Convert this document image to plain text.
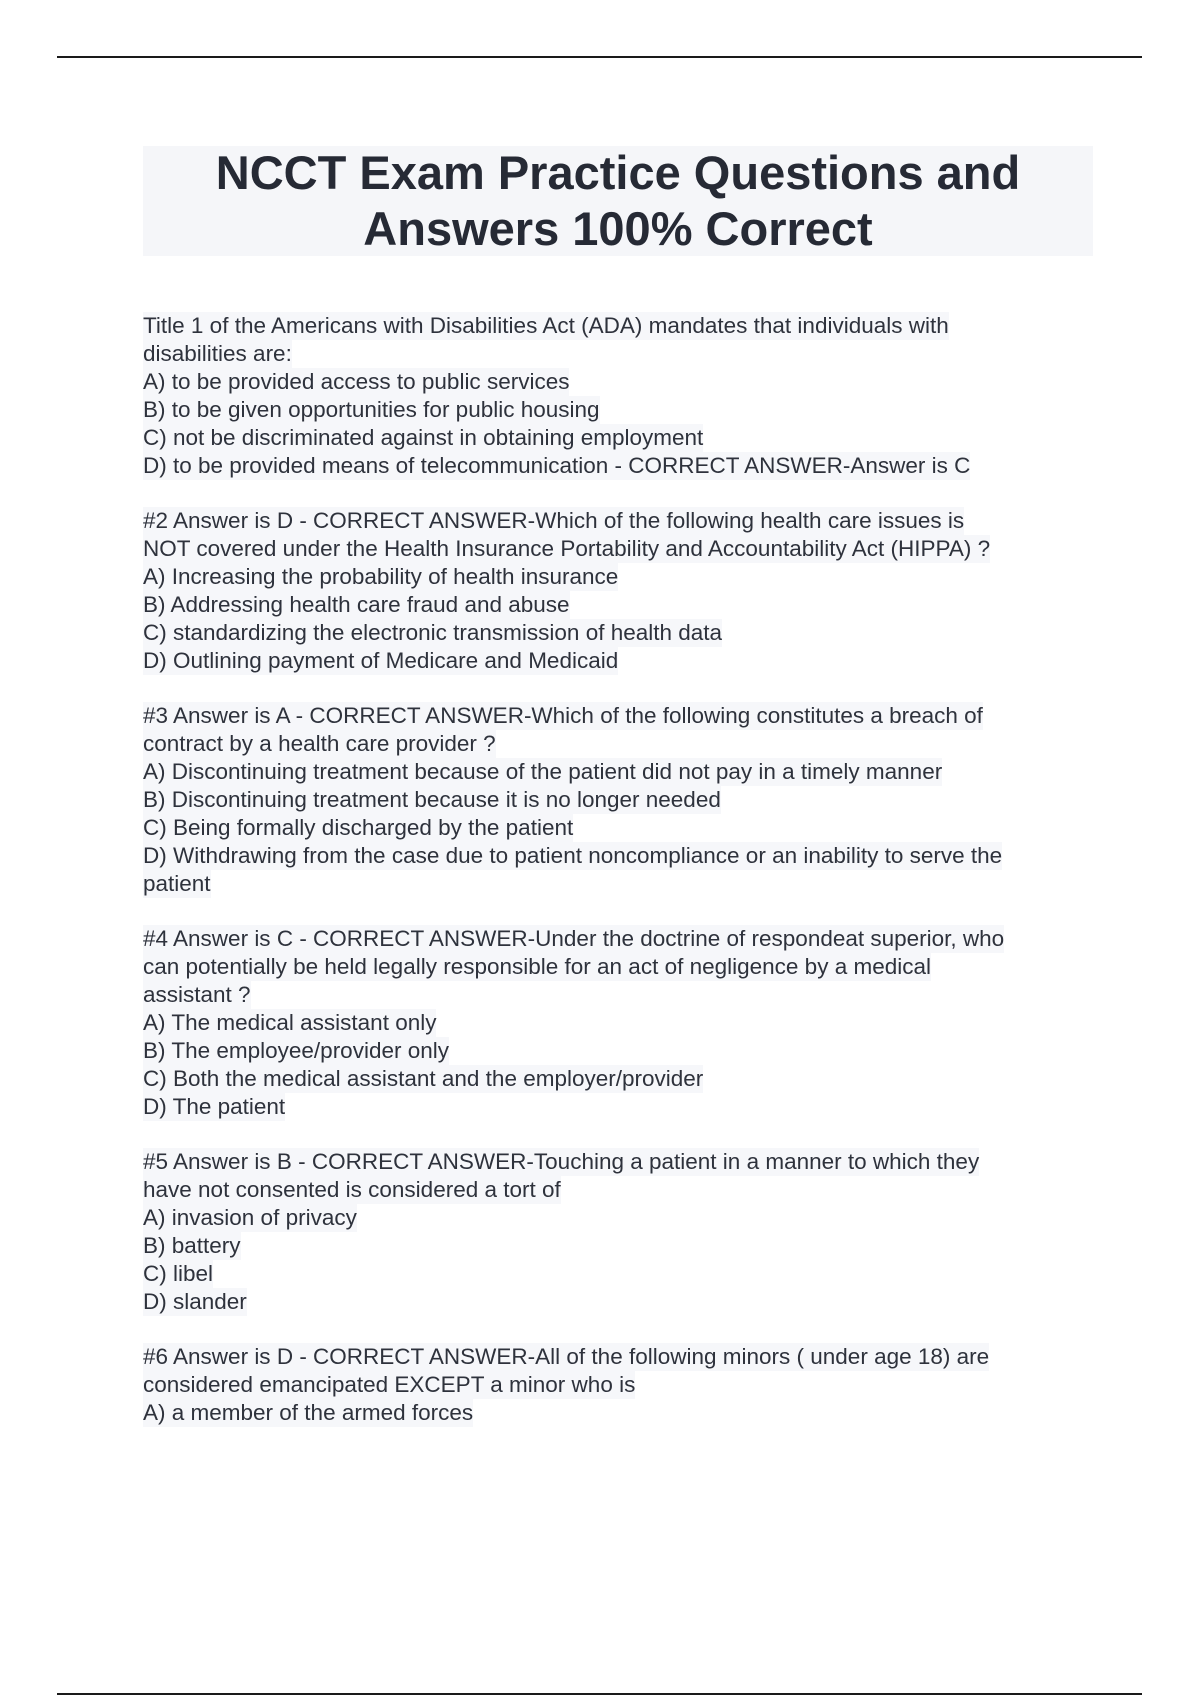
NCCT Exam Practice Questions and
Answers 100% Correct
Title 1 of the Americans with Disabilities Act (ADA) mandates that individuals with
disabilities are:
A) to be provided access to public services
B) to be given opportunities for public housing
C) not be discriminated against in obtaining employment
D) to be provided means of telecommunication - CORRECT ANSWER-Answer is C
#2 Answer is D - CORRECT ANSWER-Which of the following health care issues is
NOT covered under the Health Insurance Portability and Accountability Act (HIPPA) ?
A) Increasing the probability of health insurance
B) Addressing health care fraud and abuse
C) standardizing the electronic transmission of health data
D) Outlining payment of Medicare and Medicaid
#3 Answer is A - CORRECT ANSWER-Which of the following constitutes a breach of
contract by a health care provider ?
A) Discontinuing treatment because of the patient did not pay in a timely manner
B) Discontinuing treatment because it is no longer needed
C) Being formally discharged by the patient
D) Withdrawing from the case due to patient noncompliance or an inability to serve the
patient
#4 Answer is C - CORRECT ANSWER-Under the doctrine of respondeat superior, who
can potentially be held legally responsible for an act of negligence by a medical
assistant ?
A) The medical assistant only
B) The employee/provider only
C) Both the medical assistant and the employer/provider
D) The patient
#5 Answer is B - CORRECT ANSWER-Touching a patient in a manner to which they
have not consented is considered a tort of
A) invasion of privacy
B) battery
C) libel
D) slander
#6 Answer is D - CORRECT ANSWER-All of the following minors ( under age 18) are
considered emancipated EXCEPT a minor who is
A) a member of the armed forces
